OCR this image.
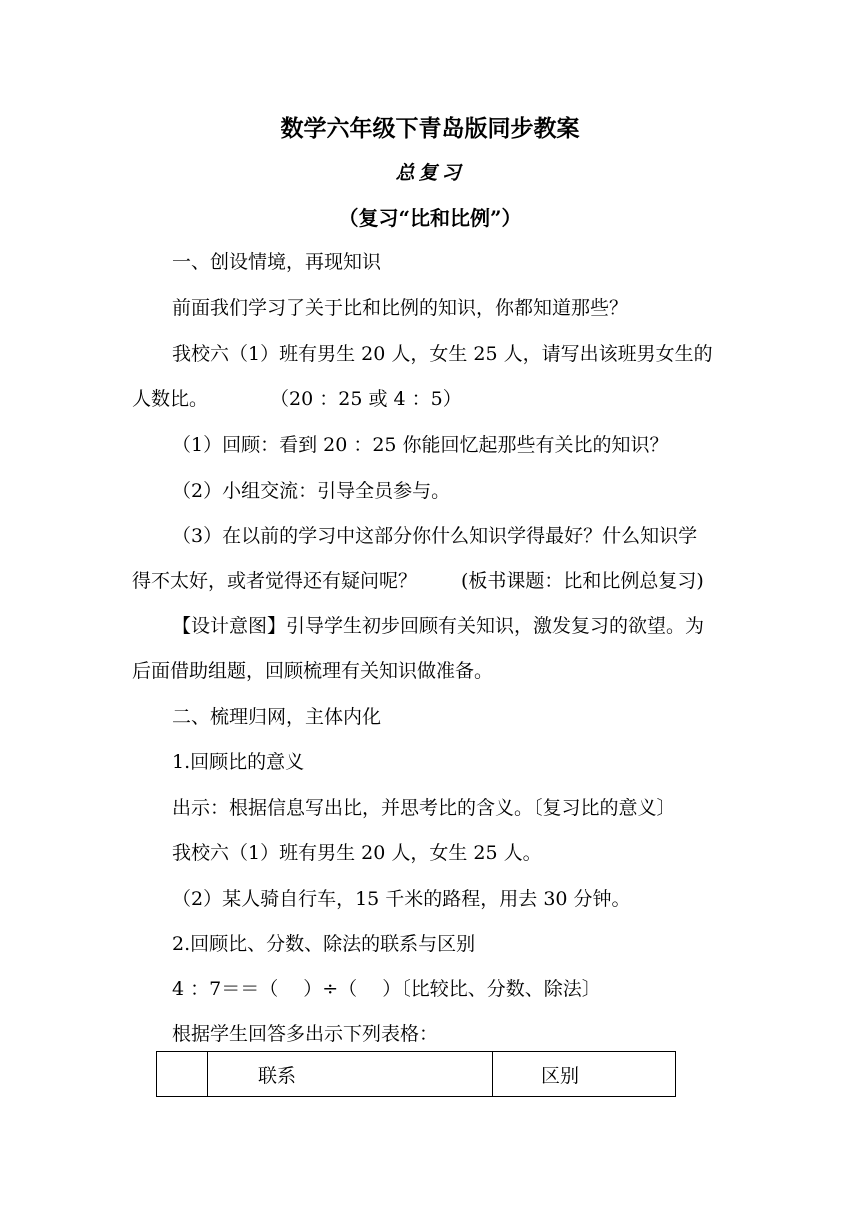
数学六年级下青岛版同步教案
总复习
（复习“比和比例”）
一、创设情境，再现知识
前面我们学习了关于比和比例的知识，你都知道那些？
我校六（1）班有男生 20 人，女生 25 人，请写出该班男女生的
人数比。	（20 ：25 或 4 ：5）
（1）回顾：看到 20 ：25 你能回忆起那些有关比的知识？
（2）小组交流：引导全员参与。
（3）在以前的学习中这部分你什么知识学得最好？什么知识学
得不太好，或者觉得还有疑问呢？ (板书课题：比和比例总复习)
【设计意图】引导学生初步回顾有关知识，激发复习的欲望。为
后面借助组题，回顾梳理有关知识做准备。
二、梳理归网，主体内化
1.回顾比的意义
出示：根据信息写出比，并思考比的含义。〔复习比的意义〕
我校六（1）班有男生 20 人，女生 25 人。
（2）某人骑自行车，15 千米的路程，用去 30 分钟。
2.回顾比、分数、除法的联系与区别
4 ：7＝＝（　 ）÷（　 ）〔比较比、分数、除法〕
根据学生回答多出示下列表格：
	联系	区别
